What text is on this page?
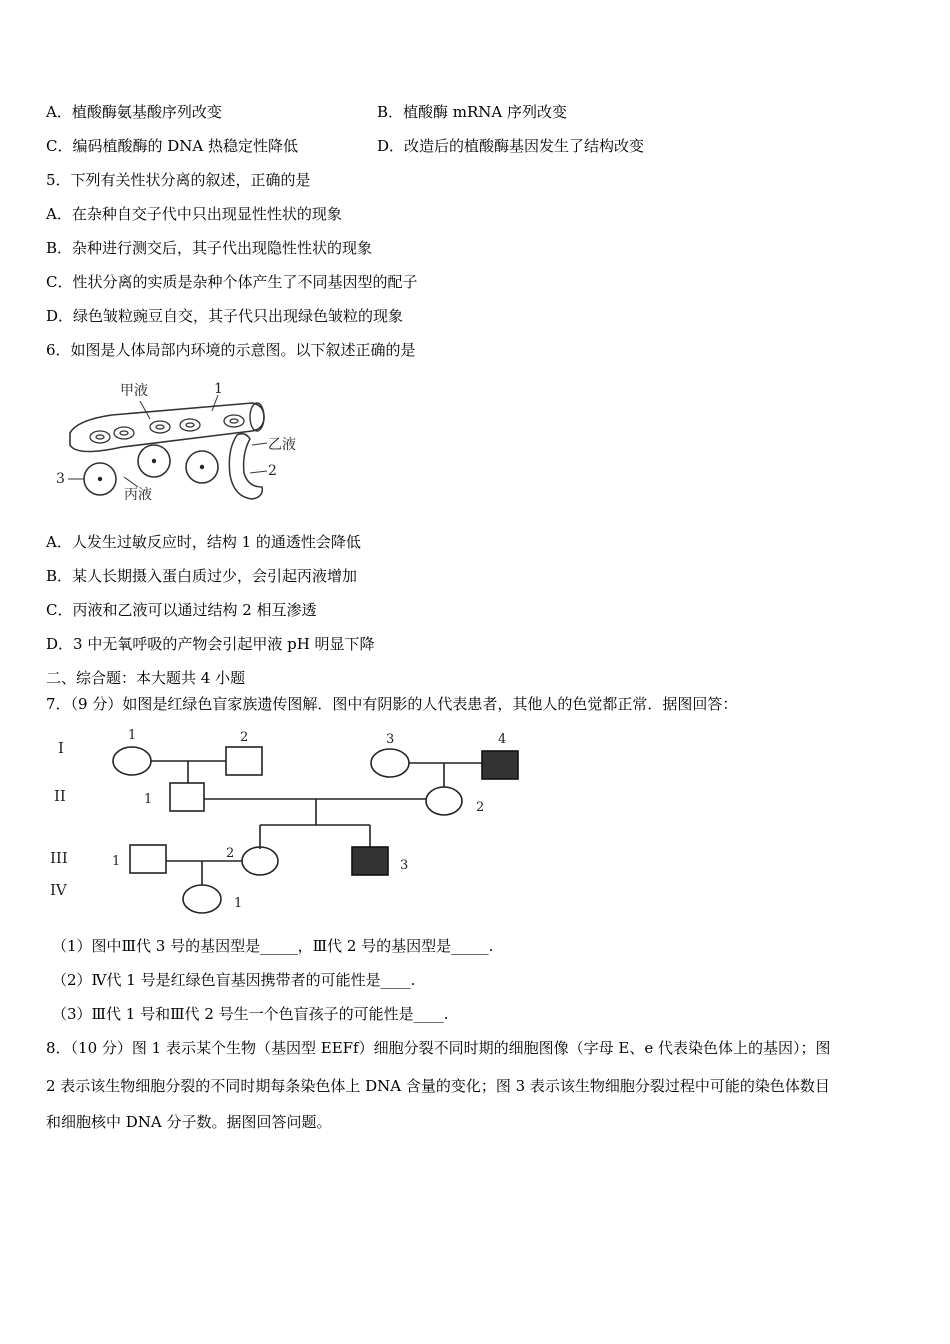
A．植酸酶氨基酸序列改变	B．植酸酶 mRNA 序列改变
C．编码植酸酶的 DNA 热稳定性降低	D．改造后的植酸酶基因发生了结构改变
5．下列有关性状分离的叙述，正确的是
A．在杂种自交子代中只出现显性性状的现象
B．杂种进行测交后，其子代出现隐性性状的现象
C．性状分离的实质是杂种个体产生了不同基因型的配子
D．绿色皱粒豌豆自交，其子代只出现绿色皱粒的现象
6．如图是人体局部内环境的示意图。以下叙述正确的是
甲液	1
乙液
2
3
丙液
A．人发生过敏反应时，结构 1 的通透性会降低
B．某人长期摄入蛋白质过少，会引起丙液增加
C．丙液和乙液可以通过结构 2 相互渗透
D．3 中无氧呼吸的产物会引起甲液 pH 明显下降
二、综合题：本大题共 4 小题
7．（9 分）如图是红绿色盲家族遗传图解．图中有阴影的人代表患者，其他人的色觉都正常．据图回答：
I
II
III
IV
1	2	3	4
1
2
1
2
3
1
（1）图中Ⅲ代 3 号的基因型是_____，Ⅲ代 2 号的基因型是_____.
（2）Ⅳ代 1 号是红绿色盲基因携带者的可能性是____.
（3）Ⅲ代 1 号和Ⅲ代 2 号生一个色盲孩子的可能性是____.
8．（10 分）图 1 表示某个生物（基因型 EEFf）细胞分裂不同时期的细胞图像（字母 E、e 代表染色体上的基因）；图
2 表示该生物细胞分裂的不同时期每条染色体上 DNA 含量的变化；图 3 表示该生物细胞分裂过程中可能的染色体数目
和细胞核中 DNA 分子数。据图回答问题。
